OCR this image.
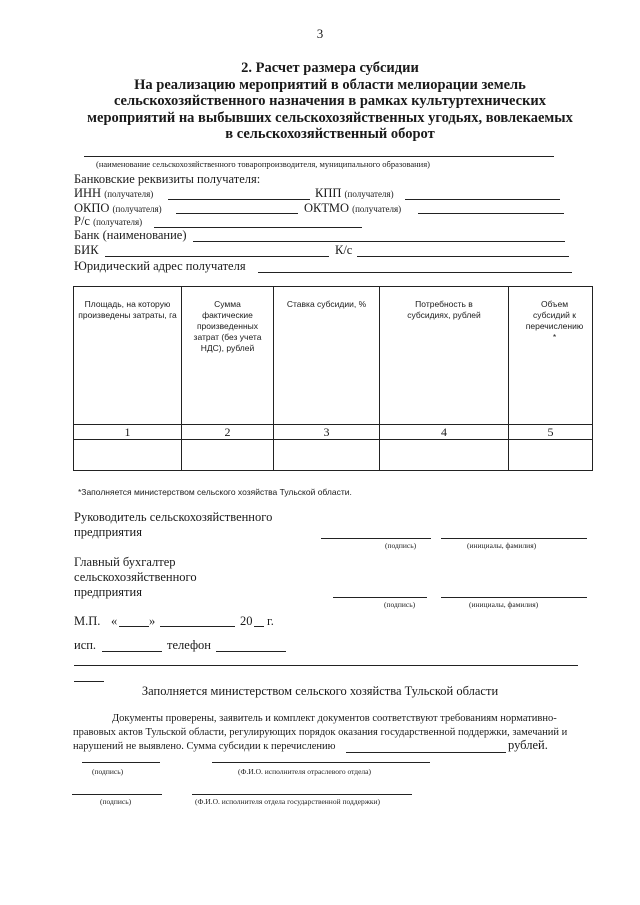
3
2. Расчет размера субсидии
На реализацию мероприятий в области мелиорации земель
сельскохозяйственного назначения в рамках культуртехнических
мероприятий на выбывших сельскохозяйственных угодьях, вовлекаемых
в сельскохозяйственный оборот
(наименование сельскохозяйственного товаропроизводителя, муниципального образования)
Банковские реквизиты получателя:
ИНН (получателя)	КПП (получателя)
ОКПО (получателя)	ОКТМО (получателя)
Р/с (получателя)
Банк (наименование)
БИК	К/с
Юридический адрес получателя
Площадь, на которую произведены затраты, га	Сумма фактические произведенных затрат (без учета НДС), рублей	Ставка субсидии, %	Потребность в субсидиях, рублей	Объем субсидий к перечислению *
1	2	3	4	5

*Заполняется министерством сельского хозяйства Тульской области.
Руководитель сельскохозяйственного
предприятия
(подпись)	(инициалы, фамилия)
Главный бухгалтер
сельскохозяйственного
предприятия
(подпись)	(инициалы, фамилия)
М.П. «	»	20 г.
исп.	телефон
Заполняется министерством сельского хозяйства Тульской области
Документы проверены, заявитель и комплект документов соответствуют требованиям нормативно-
правовых актов Тульской области, регулирующих порядок оказания государственной поддержки, замечаний и
нарушений не выявлено. Сумма субсидии к перечислению	рублей.
(подпись)	(Ф.И.О. исполнителя отраслевого отдела)
(подпись)	(Ф.И.О. исполнителя отдела государственной поддержки)
